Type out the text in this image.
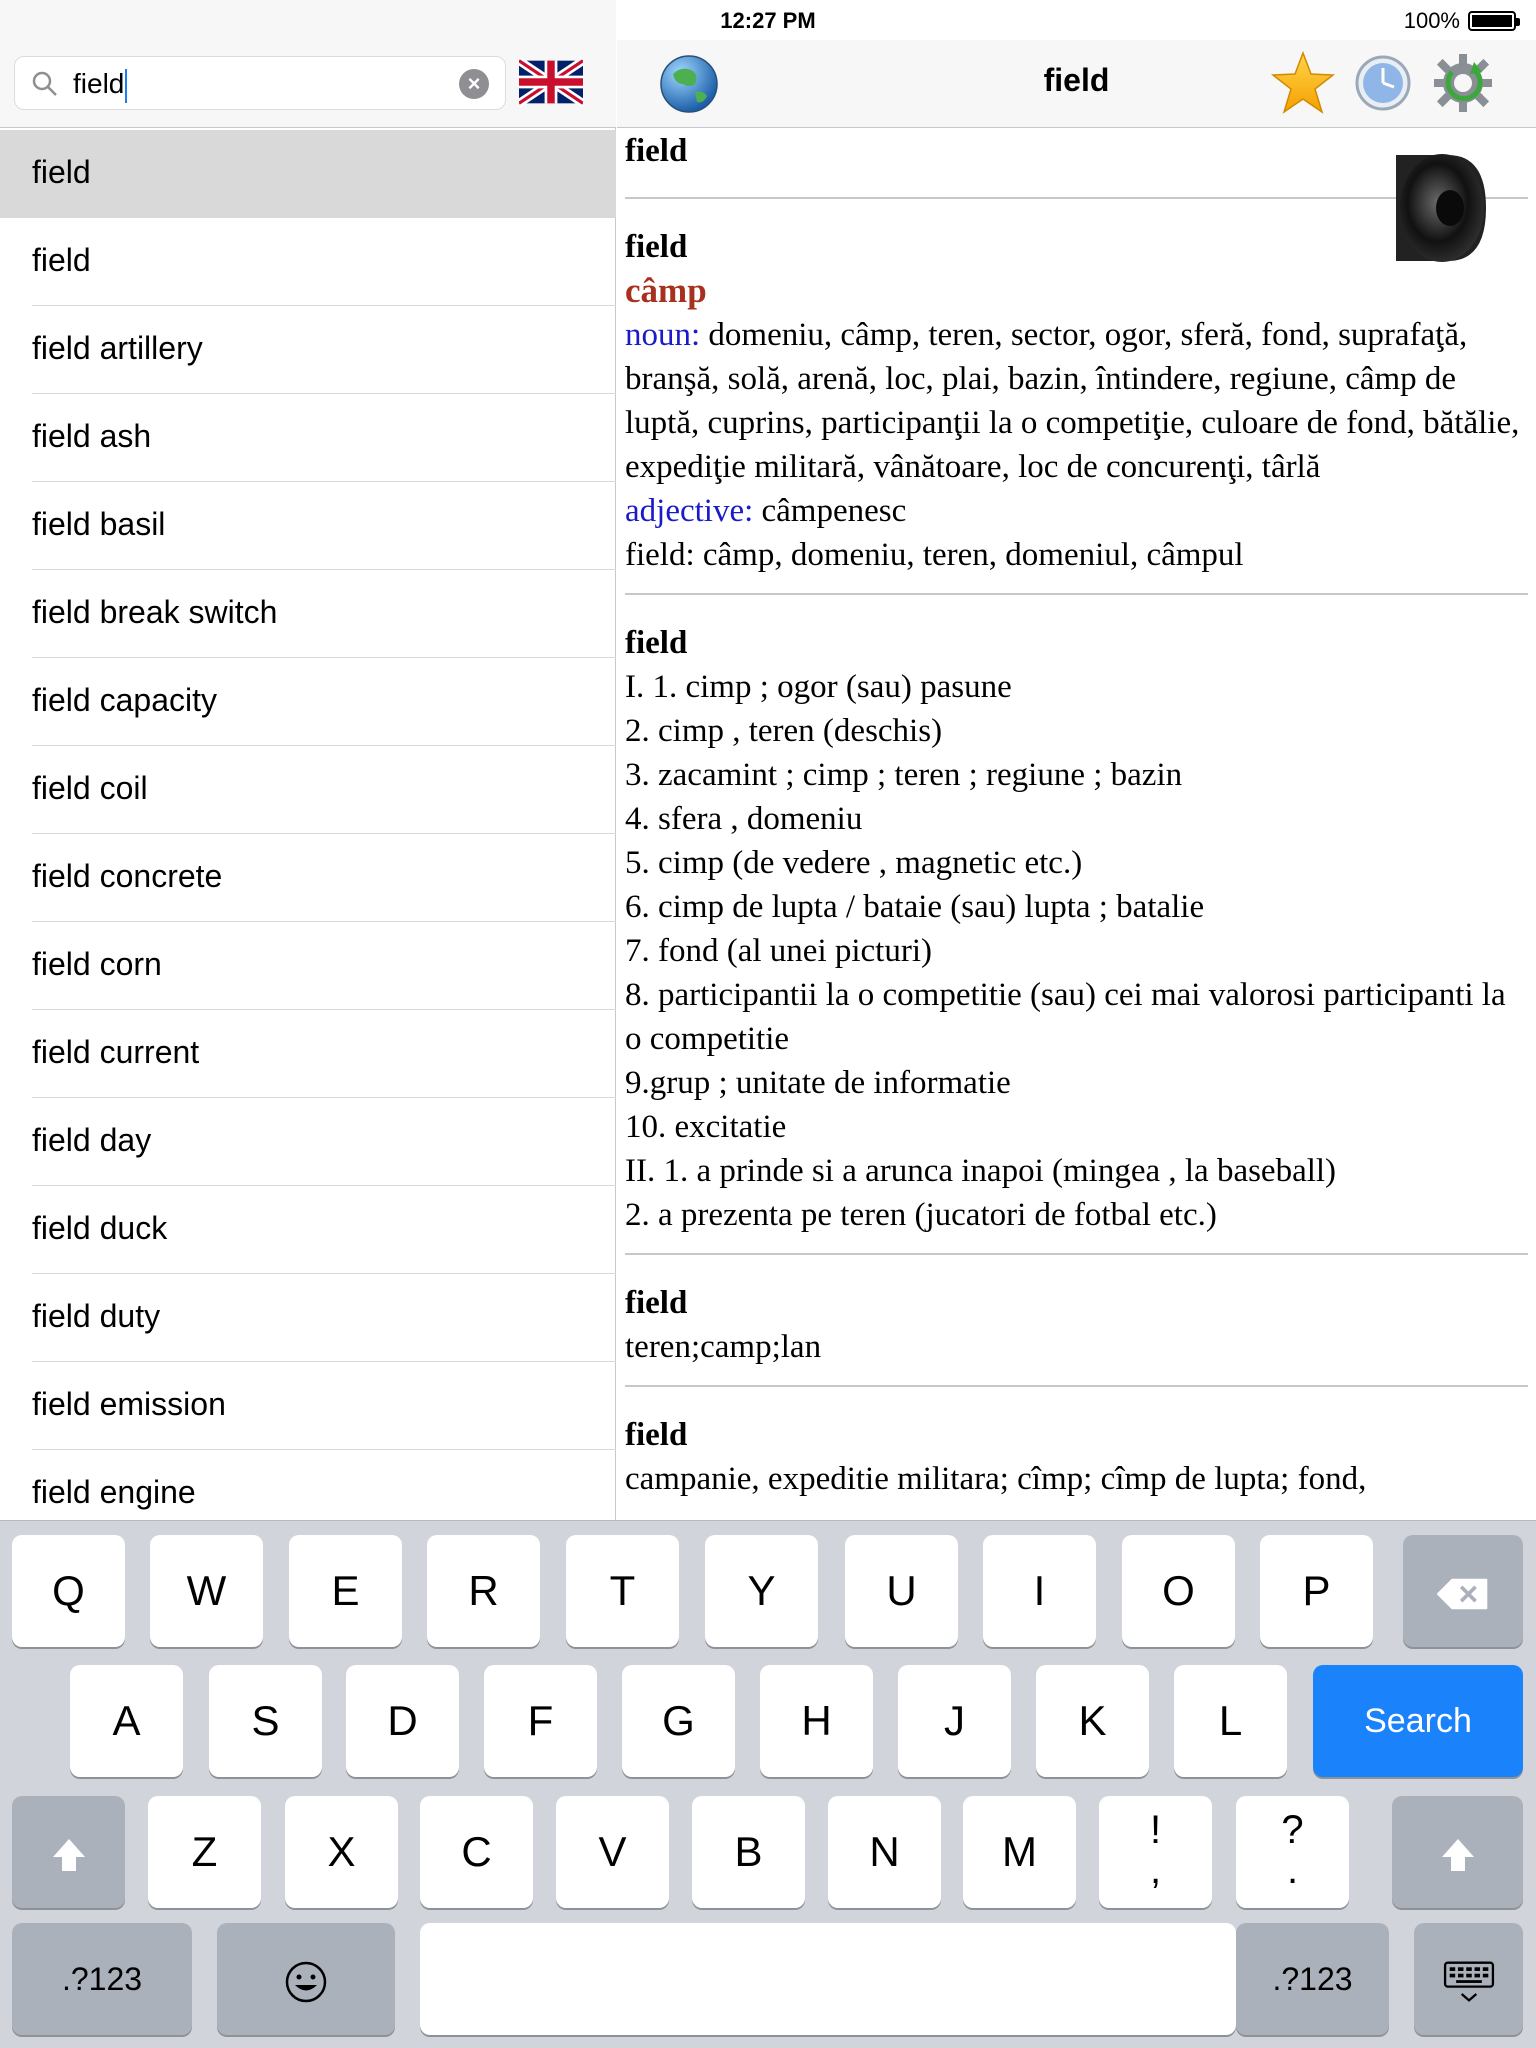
12:27 PM	100%
field	×
field
field
field artillery
field ash
field basil
field break switch
field capacity
field coil
field concrete
field corn
field current
field day
field duck
field duty
field emission
field engine
field
field
field
câmp
noun: domeniu, câmp, teren, sector, ogor, sferă, fond, suprafaţă, branşă, solă, arenă, loc, plai, bazin, întindere, regiune, câmp de luptă, cuprins, participanţii la o competiţie, culoare de fond, bătălie, expediţie militară, vânătoare, loc de concurenţi, târlă
adjective: câmpenesc
field: câmp, domeniu, teren, domeniul, câmpul
field
I. 1. cimp ; ogor (sau) pasune
2. cimp , teren (deschis)
3. zacamint ; cimp ; teren ; regiune ; bazin
4. sfera , domeniu
5. cimp (de vedere , magnetic etc.)
6. cimp de lupta / bataie (sau) lupta ; batalie
7. fond (al unei picturi)
8. participantii la o competitie (sau) cei mai valorosi participanti la o competitie
9.grup ; unitate de informatie
10. excitatie
II. 1. a prinde si a arunca inapoi (mingea , la baseball)
2. a prezenta pe teren (jucatori de fotbal etc.)
field
teren;camp;lan
field
campanie, expeditie militara; cîmp; cîmp de lupta; fond,
Q	W	E	R	T	Y	U	I	O	P
A	S	D	F	G	H	J	K	L	Search
Z	X	C	V	B	N	M	!
,
?
.
.?123	.?123
